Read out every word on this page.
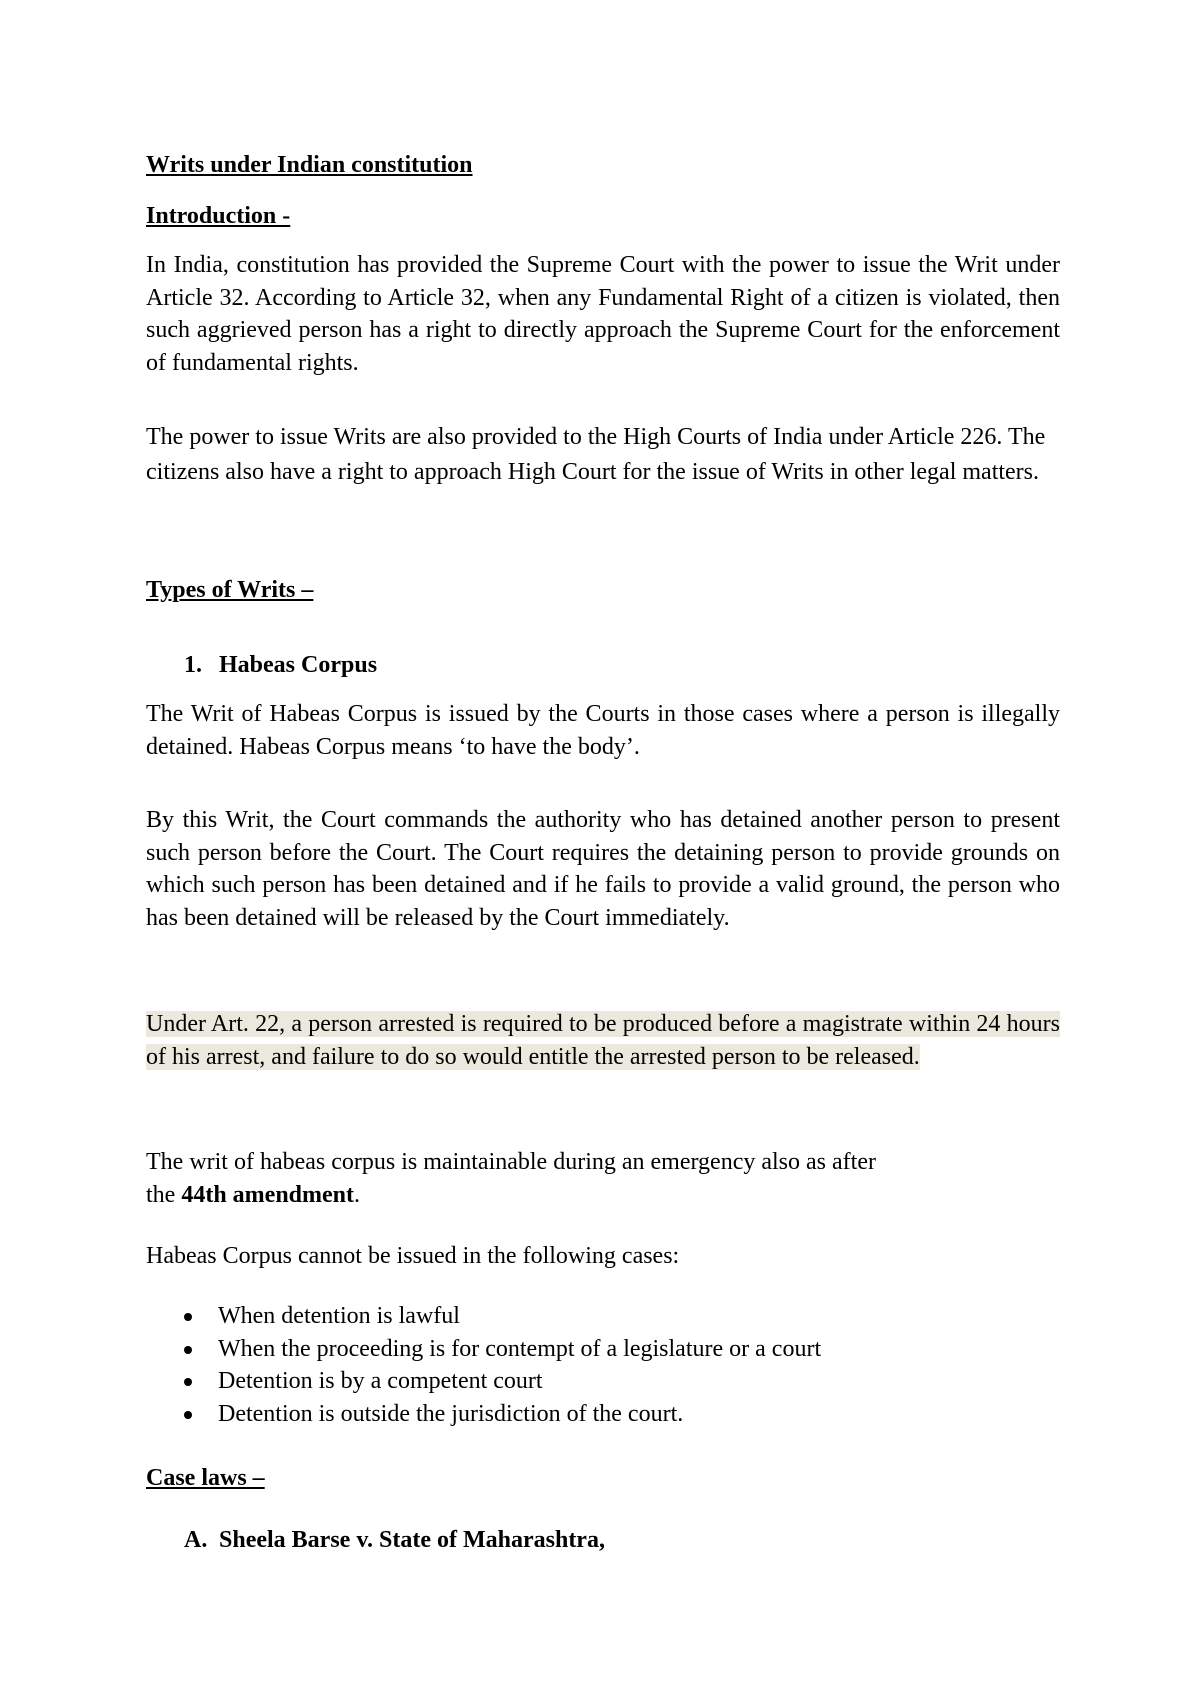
Writs under Indian constitution
Introduction -
In India, constitution has provided the Supreme Court with the power to issue the Writ under Article 32. According to Article 32, when any Fundamental Right of a citizen is violated, then such aggrieved person has a right to directly approach the Supreme Court for the enforcement of fundamental rights.
The power to issue Writs are also provided to the High Courts of India under Article 226. The citizens also have a right to approach High Court for the issue of Writs in other legal matters.
Types of Writs –
1. Habeas Corpus
The Writ of Habeas Corpus is issued by the Courts in those cases where a person is illegally detained. Habeas Corpus means ‘to have the body’.
By this Writ, the Court commands the authority who has detained another person to present such person before the Court. The Court requires the detaining person to provide grounds on which such person has been detained and if he fails to provide a valid ground, the person who has been detained will be released by the Court immediately.
Under Art. 22, a person arrested is required to be produced before a magistrate within 24 hours of his arrest, and failure to do so would entitle the arrested person to be released.
The writ of habeas corpus is maintainable during an emergency also as after
the 44th amendment.
Habeas Corpus cannot be issued in the following cases:
When detention is lawful
When the proceeding is for contempt of a legislature or a court
Detention is by a competent court
Detention is outside the jurisdiction of the court.
Case laws –
A. Sheela Barse v. State of Maharashtra,
